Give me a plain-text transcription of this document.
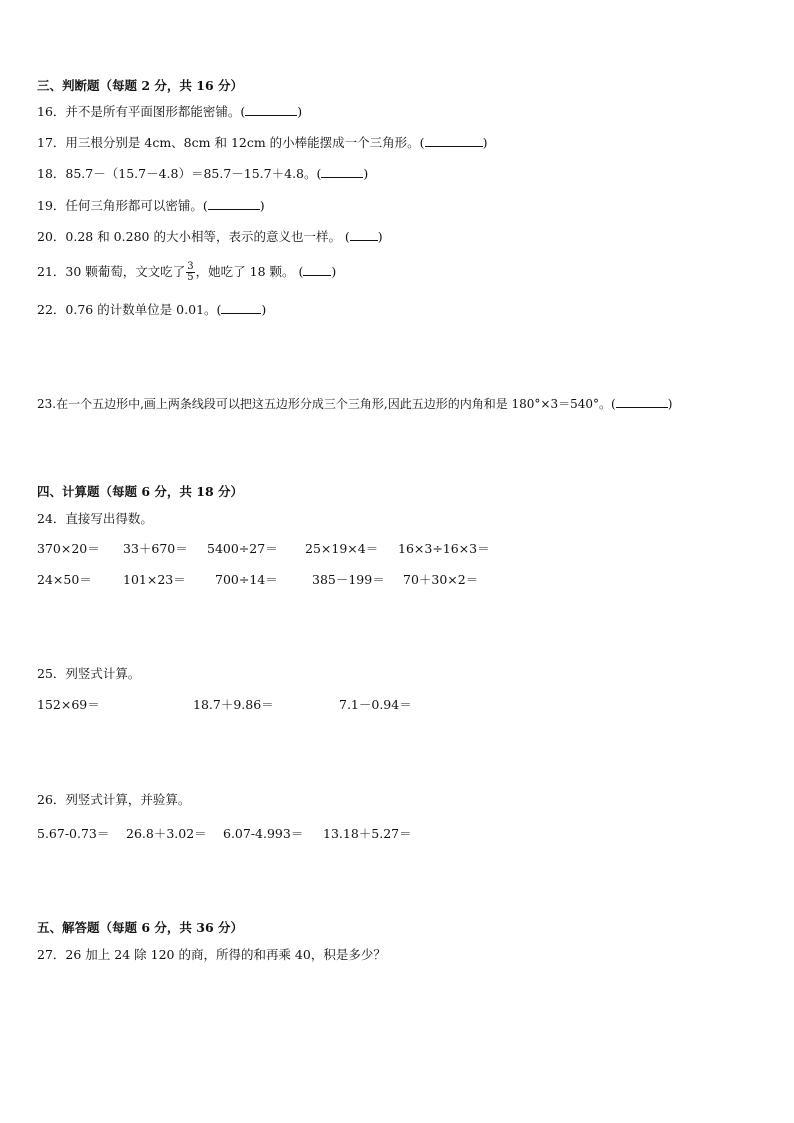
三、判断题（每题 2 分，共 16 分）
16．并不是所有平面图形都能密铺。(	)
17．用三根分别是 4cm、8cm 和 12cm 的小棒能摆成一个三角形。(	)
18．85.7－（15.7－4.8）＝85.7－15.7＋4.8。(	)
19．任何三角形都可以密铺。(	)
20．0.28 和 0.280 的大小相等，表示的意义也一样。 ( )
21．30 颗葡萄，文文吃了 $\frac{3}{5}$ ，她吃了 18 颗。 ( )
22．0.76 的计数单位是 0.01。(	)
23.在一个五边形中,画上两条线段可以把这五边形分成三个三角形,因此五边形的内角和是 180°×3＝540°。(	)
四、计算题（每题 6 分，共 18 分）
24．直接写出得数。
370×20＝ 33＋670＝ 5400÷27＝ 25×19×4＝ 16×3÷16×3＝
24×50＝ 101×23＝ 700÷14＝	385－199＝ 70＋30×2＝
25．列竖式计算。
152×69＝	18.7＋9.86＝	7.1－0.94＝
26．列竖式计算，并验算。
5.67-0.73＝ 26.8＋3.02＝ 6.07-4.993＝ 13.18＋5.27＝
五、解答题（每题 6 分，共 36 分）
27．26 加上 24 除 120 的商，所得的和再乘 40，积是多少？
